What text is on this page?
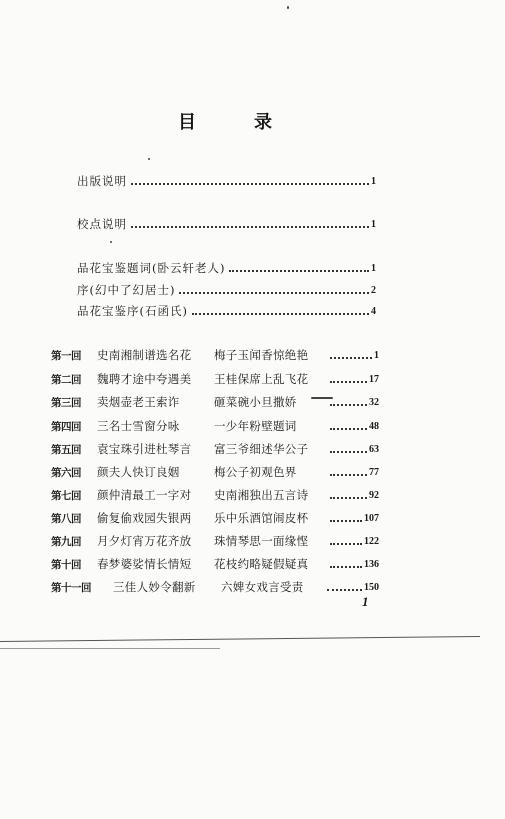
目　录
出版说明	1
校点说明	1
品花宝鉴题词(卧云轩老人)	1
序(幻中了幻居士)	2
品花宝鉴序(石函氏)	4
第一回	史南湘制谱选名花	梅子玉闻香惊绝艳	1
第二回	魏聘才途中夸遇美	王桂保席上乱飞花	17
第三回	卖烟壶老王索诈	砸菜碗小旦撒娇	32
第四回	三名士雪窗分咏	一少年粉壁题词	48
第五回	袁宝珠引进杜琴言	富三爷细述华公子	63
第六回	颜夫人快订良姻	梅公子初观色界	77
第七回	颜仲清最工一字对	史南湘独出五言诗	92
第八回	偷复偷戏园失银两	乐中乐酒馆闹皮杯	107
第九回	月夕灯宵万花齐放	珠情琴思一面缘悭	122
第十回	春梦婆娑情长情短	花枝约略疑假疑真	136
第十一回	三佳人妙令翻新	六婢女戏言受责	150
1
